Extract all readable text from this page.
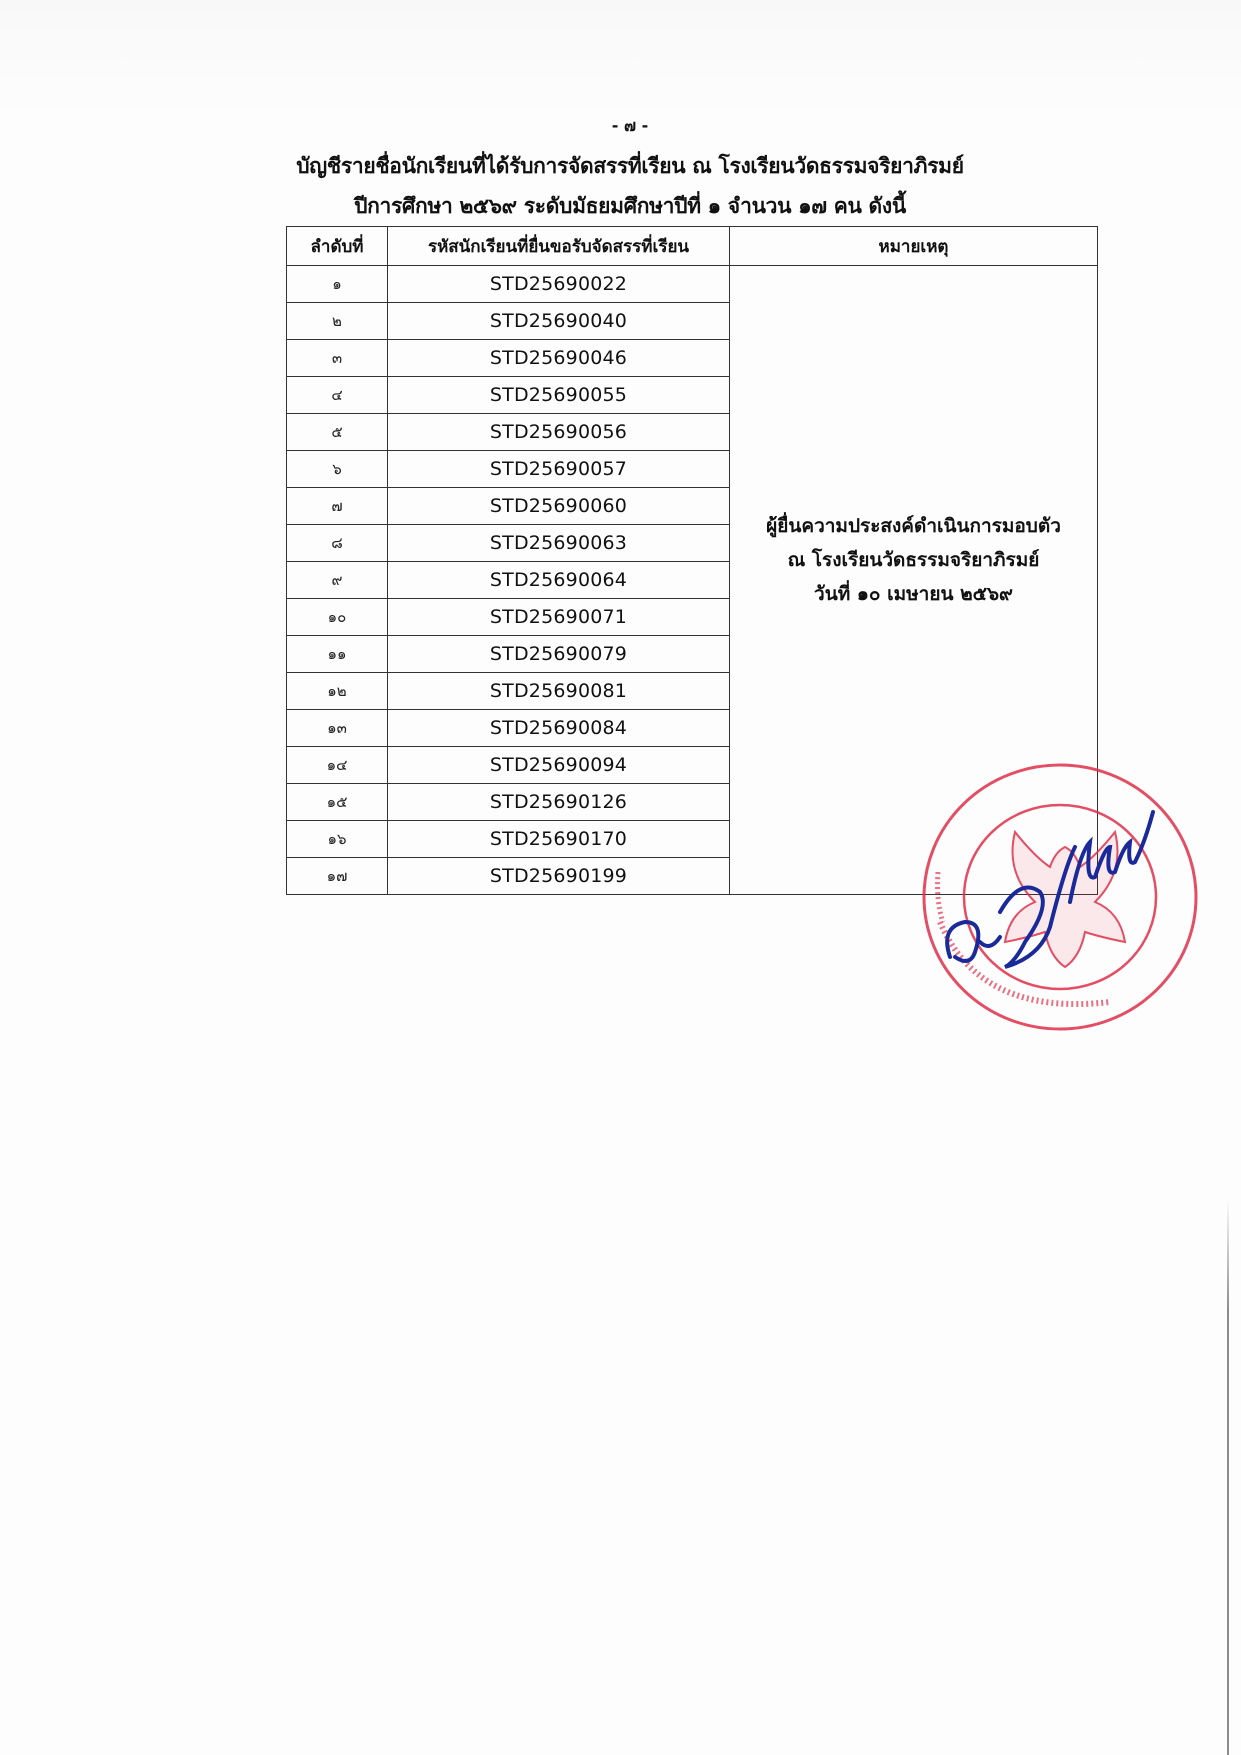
- ๗ -
บัญชีรายชื่อนักเรียนที่ได้รับการจัดสรรที่เรียน ณ โรงเรียนวัดธรรมจริยาภิรมย์
ปีการศึกษา ๒๕๖๙ ระดับมัธยมศึกษาปีที่ ๑ จำนวน ๑๗ คน ดังนี้
ลำดับที่	รหัสนักเรียนที่ยื่นขอรับจัดสรรที่เรียน	หมายเหตุ
๑	STD25690022	ผู้ยื่นความประสงค์ดำเนินการมอบตัว
ณ โรงเรียนวัดธรรมจริยาภิรมย์
วันที่ ๑๐ เมษายน ๒๕๖๙

๒	STD25690040	
๓	STD25690046	
๔	STD25690055	
๕	STD25690056	
๖	STD25690057	
๗	STD25690060	
๘	STD25690063	
๙	STD25690064	
๑๐	STD25690071	
๑๑	STD25690079	
๑๒	STD25690081	
๑๓	STD25690084	
๑๔	STD25690094	
๑๕	STD25690126	
๑๖	STD25690170	
๑๗	STD25690199	
